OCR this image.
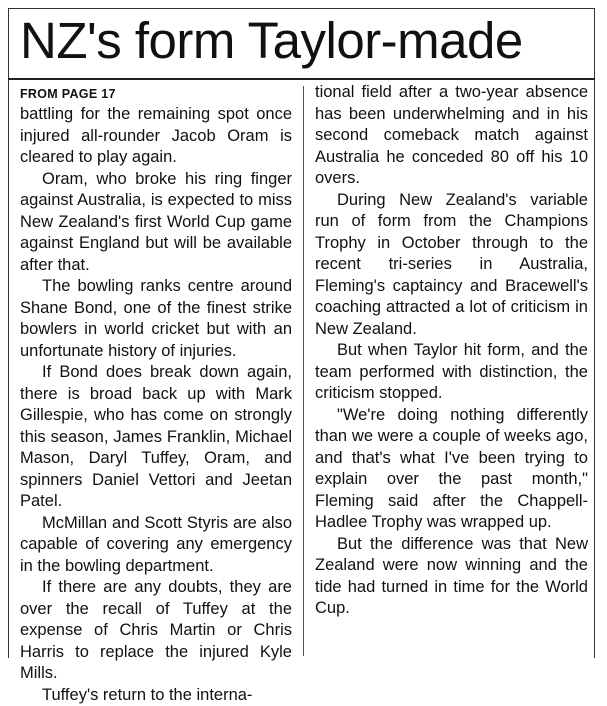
NZ's form Taylor-made
FROM PAGE 17

battling for the remaining spot once injured all-rounder Jacob Oram is cleared to play again.

Oram, who broke his ring finger against Australia, is expected to miss New Zealand's first World Cup game against England but will be available after that.

The bowling ranks centre around Shane Bond, one of the finest strike bowlers in world cricket but with an unfortunate history of injuries.

If Bond does break down again, there is broad back up with Mark Gillespie, who has come on strongly this season, James Franklin, Michael Mason, Daryl Tuffey, Oram, and spinners Daniel Vettori and Jeetan Patel.

McMillan and Scott Styris are also capable of covering any emergency in the bowling department.

If there are any doubts, they are over the recall of Tuffey at the expense of Chris Martin or Chris Harris to replace the injured Kyle Mills.

Tuffey's return to the interna-

tional field after a two-year absence has been underwhelming and in his second comeback match against Australia he conceded 80 off his 10 overs.

During New Zealand's variable run of form from the Champions Trophy in October through to the recent tri-series in Australia, Fleming's captaincy and Bracewell's coaching attracted a lot of criticism in New Zealand.

But when Taylor hit form, and the team performed with distinction, the criticism stopped.

"We're doing nothing differently than we were a couple of weeks ago, and that's what I've been trying to explain over the past month," Fleming said after the Chappell-Hadlee Trophy was wrapped up.

But the difference was that New Zealand were now winning and the tide had turned in time for the World Cup.
